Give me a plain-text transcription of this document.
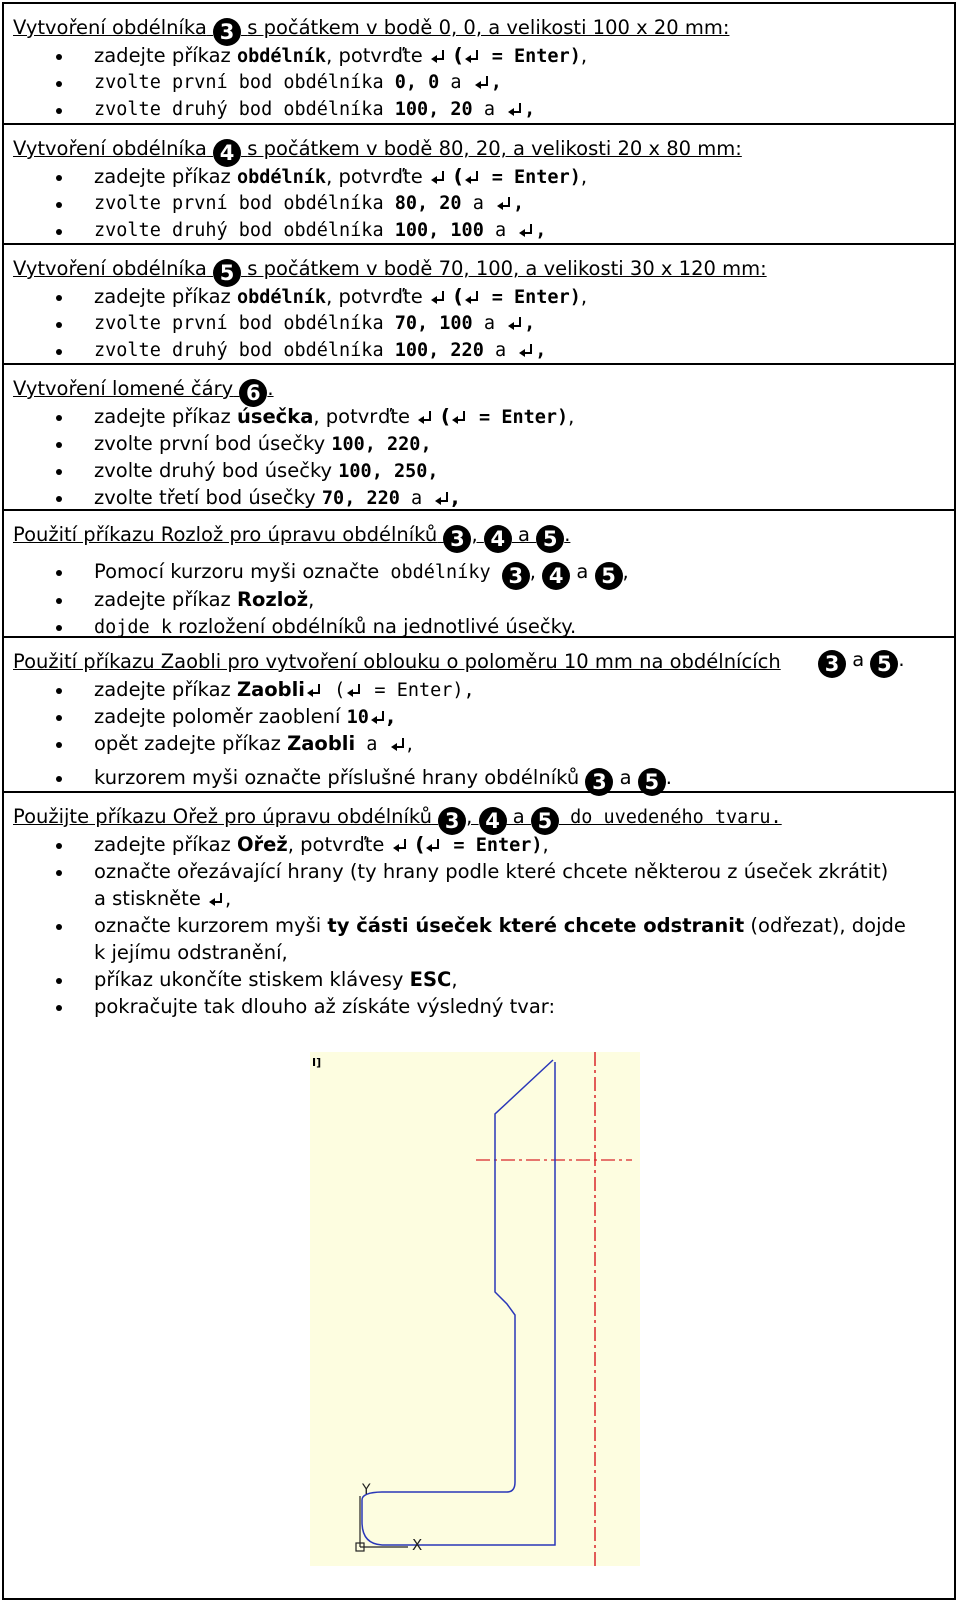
Vytvoření obdélníka 3 s počátkem v bodě 0, 0, a velikosti 100 x 20 mm:
zadejte příkaz obdélník, potvrďte
(
= Enter),
zvolte první bod obdélníka 0, 0 a
,
zvolte druhý bod obdélníka 100, 20 a
,
Vytvoření obdélníka 4 s počátkem v bodě 80, 20, a velikosti 20 x 80 mm:
zadejte příkaz obdélník, potvrďte
(
= Enter),
zvolte první bod obdélníka 80, 20 a
,
zvolte druhý bod obdélníka 100, 100 a
,
Vytvoření obdélníka 5 s počátkem v bodě 70, 100, a velikosti 30 x 120 mm:
zadejte příkaz obdélník, potvrďte
(
= Enter),
zvolte první bod obdélníka 70, 100 a
,
zvolte druhý bod obdélníka 100, 220 a
,
Vytvoření lomené čáry 6 .
zadejte příkaz úsečka, potvrďte
(
= Enter),
zvolte první bod úsečky 100, 220,
zvolte druhý bod úsečky 100, 250,
zvolte třetí bod úsečky 70, 220 a
,
Použití příkazu Rozlož pro úpravu obdélníků 3 , 4 a 5 .
Pomocí kurzoru myši označte obdélníky 3 , 4 a 5 ,
zadejte příkaz Rozlož,
dojde k rozložení obdélníků na jednotlivé úsečky.
Použití příkazu Zaobli pro vytvoření oblouku o poloměru 10 mm na obdélnících	3 a 5 .
zadejte příkaz Zaobli
(
= Enter),
zadejte poloměr zaoblení 10 ,
opět zadejte příkaz Zaobli a
,
kurzorem myši označte příslušné hrany obdélníků 3 a 5 .
Použijte příkazu Ořež pro úpravu obdélníků 3 , 4 a 5 do uvedeného tvaru.
zadejte příkaz Ořež, potvrďte
(
= Enter),
označte ořezávající hrany (ty hrany podle které chcete některou z úseček zkrátit)
a stiskněte
,
označte kurzorem myši ty části úseček které chcete odstranit (odřezat), dojde
k jejímu odstranění,
příkaz ukončíte stiskem klávesy ESC,
pokračujte tak dlouho až získáte výsledný tvar:
I]
Y
X
